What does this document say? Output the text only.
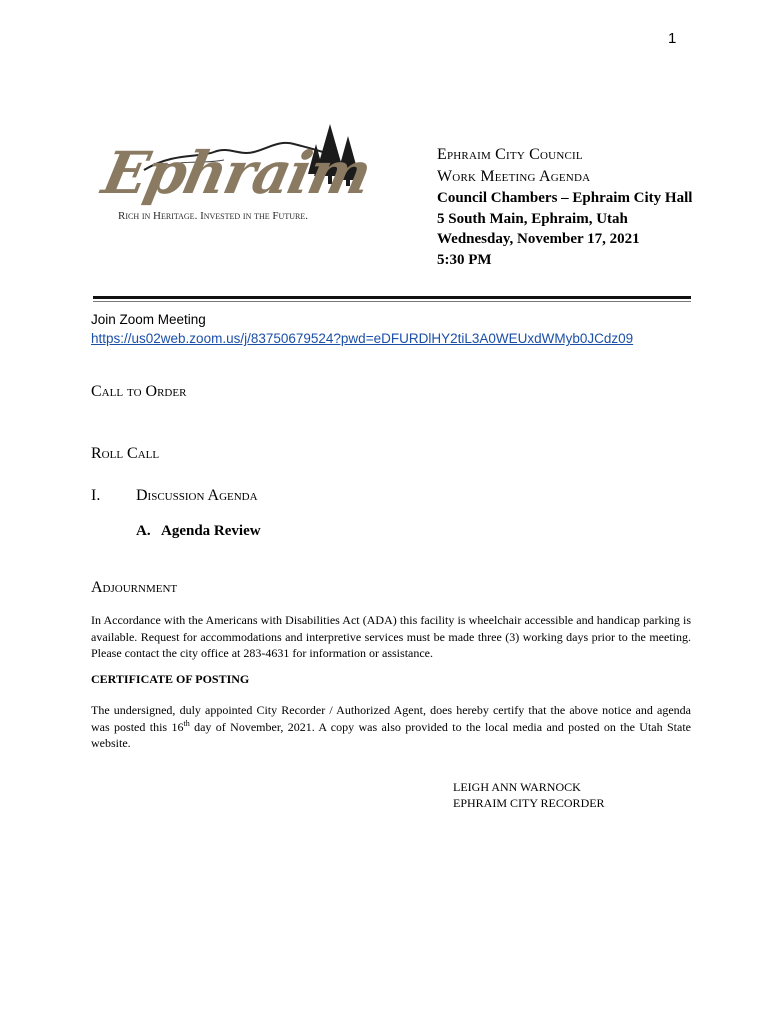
1
Ephraim
Rich in Heritage. Invested in the Future.
Ephraim City Council
Work Meeting Agenda
Council Chambers – Ephraim City Hall
5 South Main, Ephraim, Utah
Wednesday, November 17, 2021
5:30 PM
Join Zoom Meeting
https://us02web.zoom.us/j/83750679524?pwd=eDFURDlHY2tiL3A0WEUxdWMyb0JCdz09
Call to Order
Roll Call
I. Discussion Agenda
A.   Agenda Review
Adjournment
In Accordance with the Americans with Disabilities Act (ADA) this facility is wheelchair accessible and handicap parking is available. Request for accommodations and interpretive services must be made three (3) working days prior to the meeting. Please contact the city office at 283-4631 for information or assistance.
CERTIFICATE OF POSTING
The undersigned, duly appointed City Recorder / Authorized Agent, does hereby certify that the above notice and agenda was posted this 16th day of November, 2021. A copy was also provided to the local media and posted on the Utah State website.
LEIGH ANN WARNOCK
EPHRAIM CITY RECORDER
